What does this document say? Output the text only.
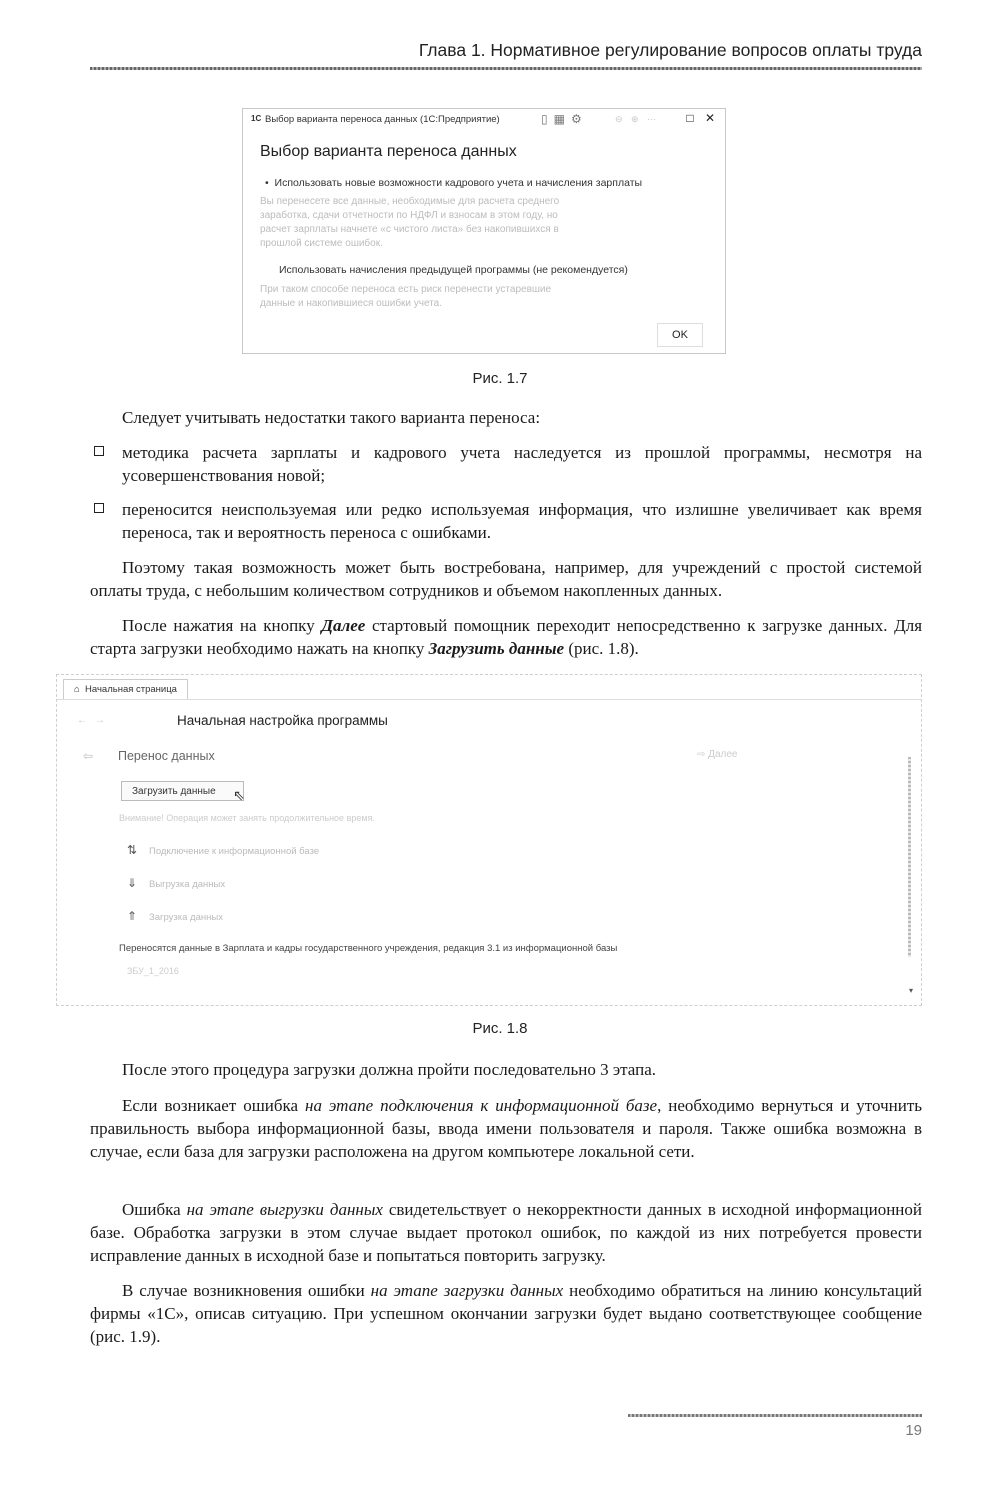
Глава 1. Нормативное регулирование вопросов оплаты труда
1С Выбор варианта переноса данных (1С:Предприятие)	▯▦⚙	⊖ ⊕ ⋯	□ ✕
Выбор варианта переноса данных
• Использовать новые возможности кадрового учета и начисления зарплаты
Вы перенесете все данные, необходимые для расчета среднего
заработка, сдачи отчетности по НДФЛ и взносам в этом году, но
расчет зарплаты начнете «с чистого листа» без накопившихся в
прошлой системе ошибок.
Использовать начисления предыдущей программы (не рекомендуется)
При таком способе переноса есть риск перенести устаревшие
данные и накопившиеся ошибки учета.
OK
Рис. 1.7

Следует учитывать недостатки такого варианта переноса:

методика расчета зарплаты и кадрового учета наследуется из прошлой программы, несмотря на усовершенствования новой;
переносится неиспользуемая или редко используемая информация, что излишне увеличивает как время переноса, так и вероятность переноса с ошибками.

Поэтому такая возможность может быть востребована, например, для учреждений с простой системой оплаты труда, с небольшим количеством сотрудников и объемом накопленных данных.

После нажатия на кнопку Далее стартовый помощник переходит непосредственно к загрузке данных. Для старта загрузки необходимо нажать на кнопку Загрузить данные (рис. 1.8).

⌂ Начальная страница
←→	Начальная настройка программы
⇦ Перенос данных	⇨ Далее
Загрузить данные	⇖
Внимание! Операция может занять продолжительное время.
⇅ Подключение к информационной базе
⇓ Выгрузка данных
⇑ Загрузка данных
Переносятся данные в Зарплата и кадры государственного учреждения, редакция 3.1 из информационной базы
ЗБУ_1_2016
▾
Рис. 1.8

После этого процедура загрузки должна пройти последовательно 3 этапа.

Если возникает ошибка на этапе подключения к информационной базе, необходимо вернуться и уточнить правильность выбора информационной базы, ввода имени пользователя и пароля. Также ошибка возможна в случае, если база для загрузки расположена на другом компьютере локальной сети.

Ошибка на этапе выгрузки данных свидетельствует о некорректности данных в исходной информационной базе. Обработка загрузки в этом случае выдает протокол ошибок, по каждой из них потребуется провести исправление данных в исходной базе и попытаться повторить загрузку.

В случае возникновения ошибки на этапе загрузки данных необходимо обратиться на линию консультаций фирмы «1С», описав ситуацию. При успешном окончании загрузки будет выдано соответствующее сообщение (рис. 1.9).

19
